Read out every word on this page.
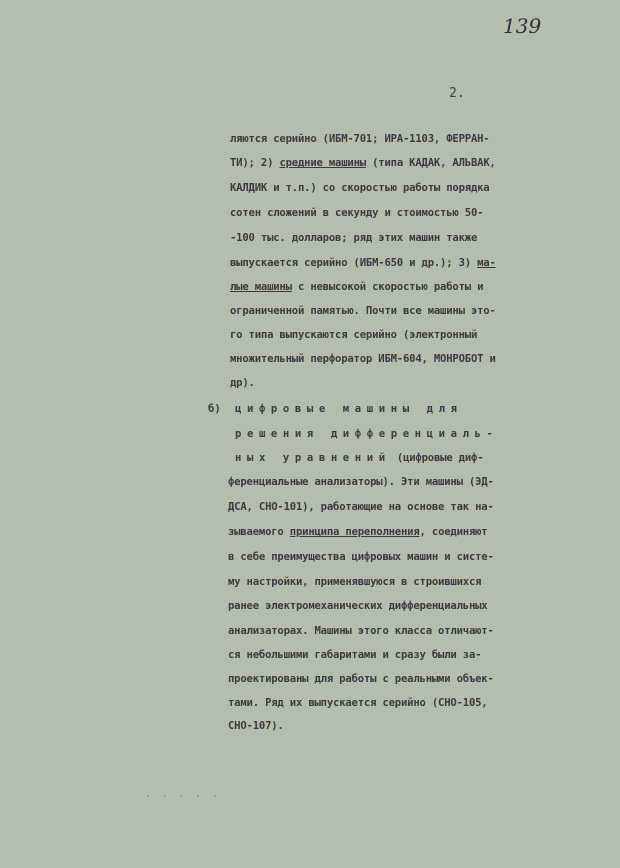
139
2.
ляются серийно (ИБМ-701; ИРА-1103, ФЕРРАН-
ТИ); 2) средние машины (типа КАДАК, АЛЬВАК,
КАЛДИК и т.п.) со скоростью работы порядка
сотен сложений в секунду и стоимостью 50-
-100 тыс. долларов; ряд этих машин также
выпускается серийно (ИБМ-650 и др.); 3) ма-
лые машины с невысокой скоростью работы и
ограниченной памятью. Почти все машины это-
го типа выпускаются серийно (электронный
множительный перфоратор ИБМ-604, МОНРОБОТ и
др).
б) цифровые машины для
решения дифференциаль-
ных уравнений (цифровые диф-
ференциальные анализаторы). Эти машины (ЭД-
ДСА, СНО-101), работающие на основе так на-
зываемого принципа переполнения, соединяют
в себе преимущества цифровых машин и систе-
му настройки, применявшуюся в строившихся
ранее электромеханических дифференциальных
анализаторах. Машины этого класса отличают-
ся небольшими габаритами и сразу были за-
проектированы для работы с реальными объек-
тами. Ряд их выпускается серийно (СНО-105,
СНО-107).
. . . . .
